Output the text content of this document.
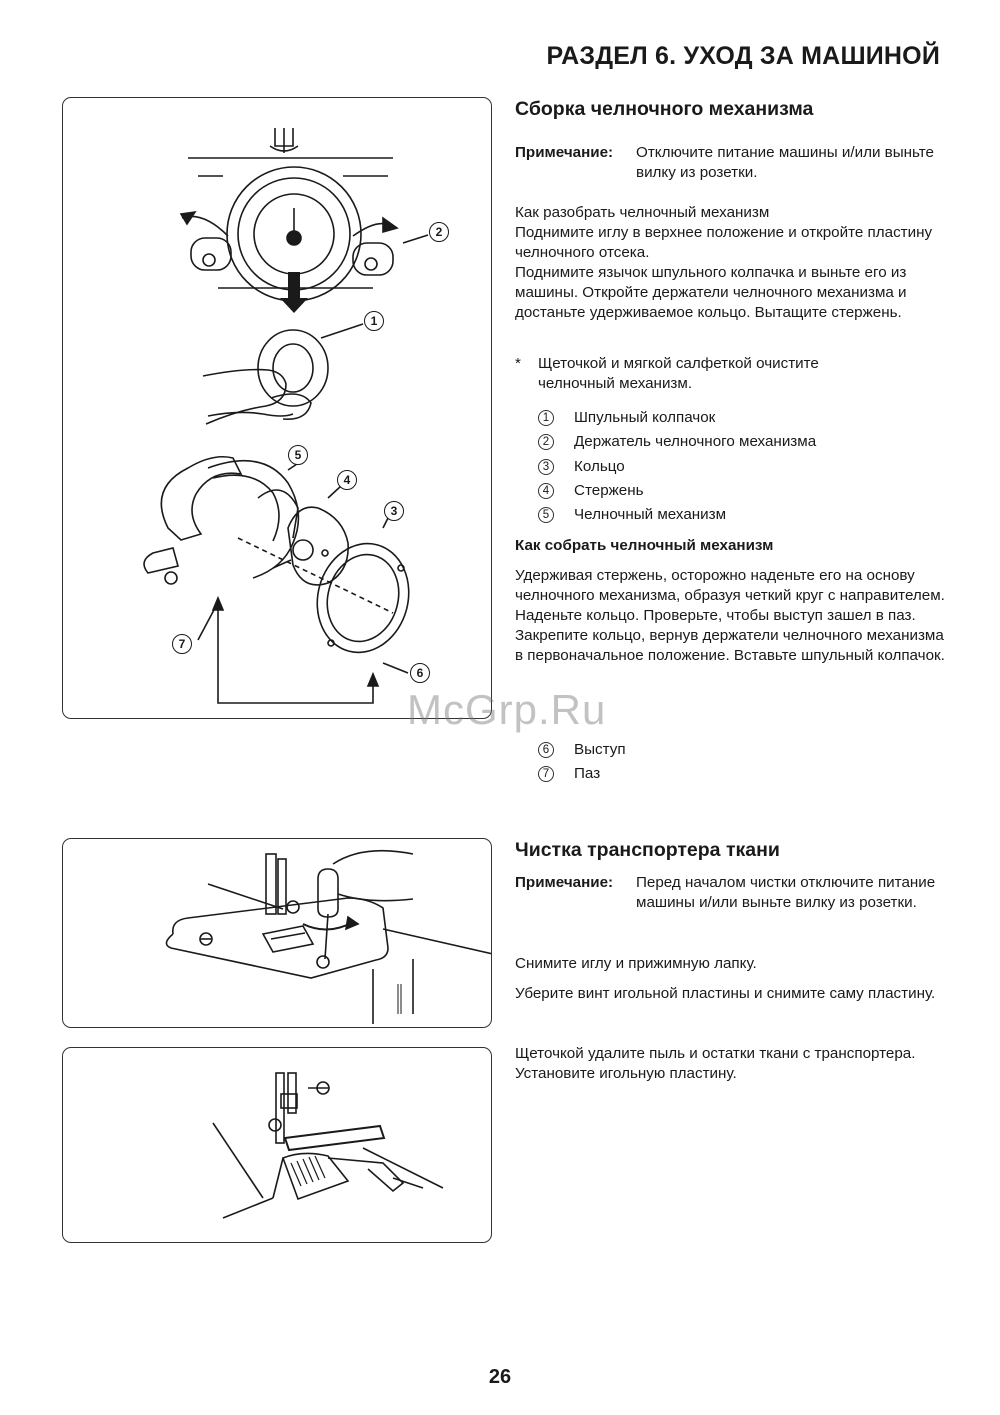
РАЗДЕЛ 6. УХОД ЗА МАШИНОЙ
2
1
5
4
3
7
6
Сборка челночного механизма
Примечание: Отключите питание машины и/или выньте вилку из розетки.

Как разобрать челночный механизм

Поднимите иглу в верхнее положение и откройте пластину челночного отсека.

Поднимите язычок шпульного колпачка и выньте его из машины. Откройте держатели челночного механизма и достаньте удерживаемое кольцо. Вытащите стержень.

* Щеточкой и мягкой салфеткой очистите челночный механизм.
1	Шпульный колпачок
2	Держатель челночного механизма
3	Кольцо
4	Стержень
5	Челночный механизм
Как собрать челночный механизм

Удерживая стержень, осторожно наденьте его на основу челночного механизма, образуя четкий круг с направителем.

Наденьте кольцо. Проверьте, чтобы выступ зашел в паз.

Закрепите кольцо, вернув держатели челночного механизма в первоначальное положение. Вставьте шпульный колпачок.

6	Выступ
7	Паз
McGrp.Ru
Чистка транспортера ткани
Примечание: Перед началом чистки отключите питание машины и/или выньте вилку из розетки.

Снимите иглу и прижимную лапку.

Уберите винт игольной пластины и снимите саму пластину.

Щеточкой удалите пыль и остатки ткани с транспортера. Установите игольную пластину.

26
